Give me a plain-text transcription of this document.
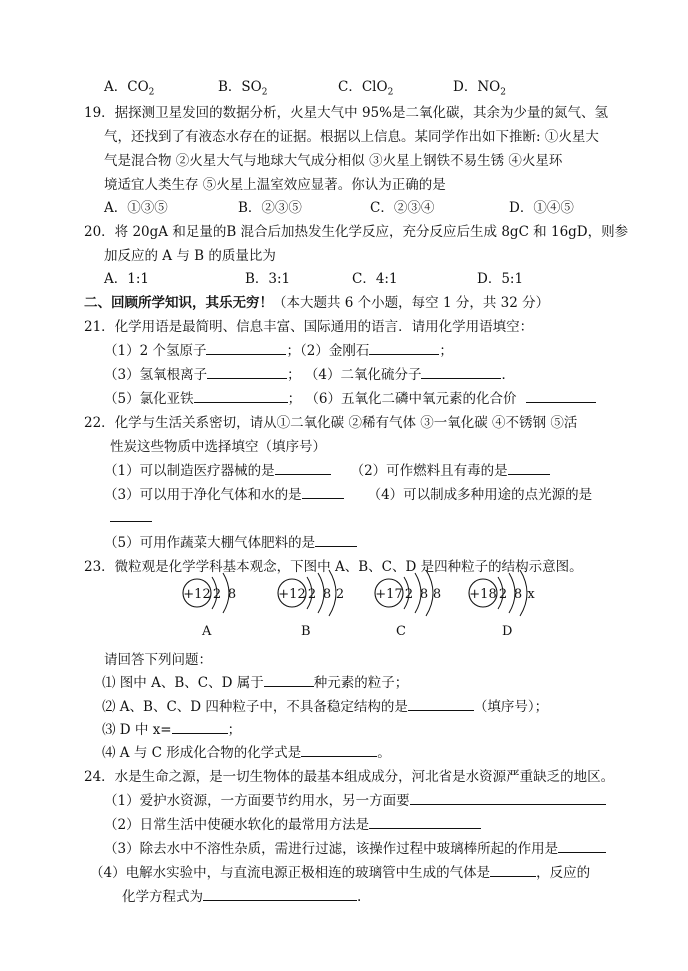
A．$CO_2$	B．$SO_2$	C．ClO$_2$	D．$NO_2$
19．据探测卫星发回的数据分析，火星大气中 95%是二氧化碳，其余为少量的氮气、氢
气，还找到了有液态水存在的证据。根据以上信息。某同学作出如下推断: ①火星大
气是混合物 ②火星大气与地球大气成分相似 ③火星上钢铁不易生锈 ④火星环
境适宜人类生存 ⑤火星上温室效应显著。你认为正确的是
A．①③⑤	B．②③⑤	C．②③④	D．①④⑤
20．将 20gA 和足量的B 混合后加热发生化学反应，充分反应后生成 8gC 和 16gD，则参
加反应的 A 与 B 的质量比为
A．1:1	B．3:1	C．4:1	D．5:1
二、回顾所学知识，其乐无穷！（本大题共 6 个小题，每空 1 分，共 32 分）
21．化学用语是最简明、信息丰富、国际通用的语言．请用化学用语填空：
（1）2 个氢原子	；（2）金刚石	；
（3）氢氧根离子	； （4）二氧化硫分子	．
（5）氯化亚铁	； （6）五氧化二磷中氧元素的化合价
22．化学与生活关系密切，请从①二氧化碳 ②稀有气体 ③一氧化碳 ④不锈钢 ⑤活
性炭这些物质中选择填空（填序号）
（1）可以制造医疗器械的是	（2）可作燃料且有毒的是
（3）可以用于净化气体和水的是	（4）可以制成多种用途的点光源的是
（5）可用作蔬菜大棚气体肥料的是
23．微粒观是化学学科基本观念，下图中 A、B、C、D 是四种粒子的结构示意图。
+12 2 8	+12 2 8 2 +17 2 8 8 +18 2 8 x
A	B	C	D
请回答下列问题：
⑴ 图中 A、B、C、D 属于	种元素的粒子；
⑵ A、B、C、D 四种粒子中，不具备稳定结构的是	（填序号）；
⑶ D 中 x=	；
⑷ A 与 C 形成化合物的化学式是	。
24．水是生命之源，是一切生物体的最基本组成成分，河北省是水资源严重缺乏的地区。
（1）爱护水资源，一方面要节约用水，另一方面要
（2）日常生活中使硬水软化的最常用方法是
（3）除去水中不溶性杂质，需进行过滤，该操作过程中玻璃棒所起的作用是
（4）电解水实验中，与直流电源正极相连的玻璃管中生成的气体是	，反应的
化学方程式为	.
